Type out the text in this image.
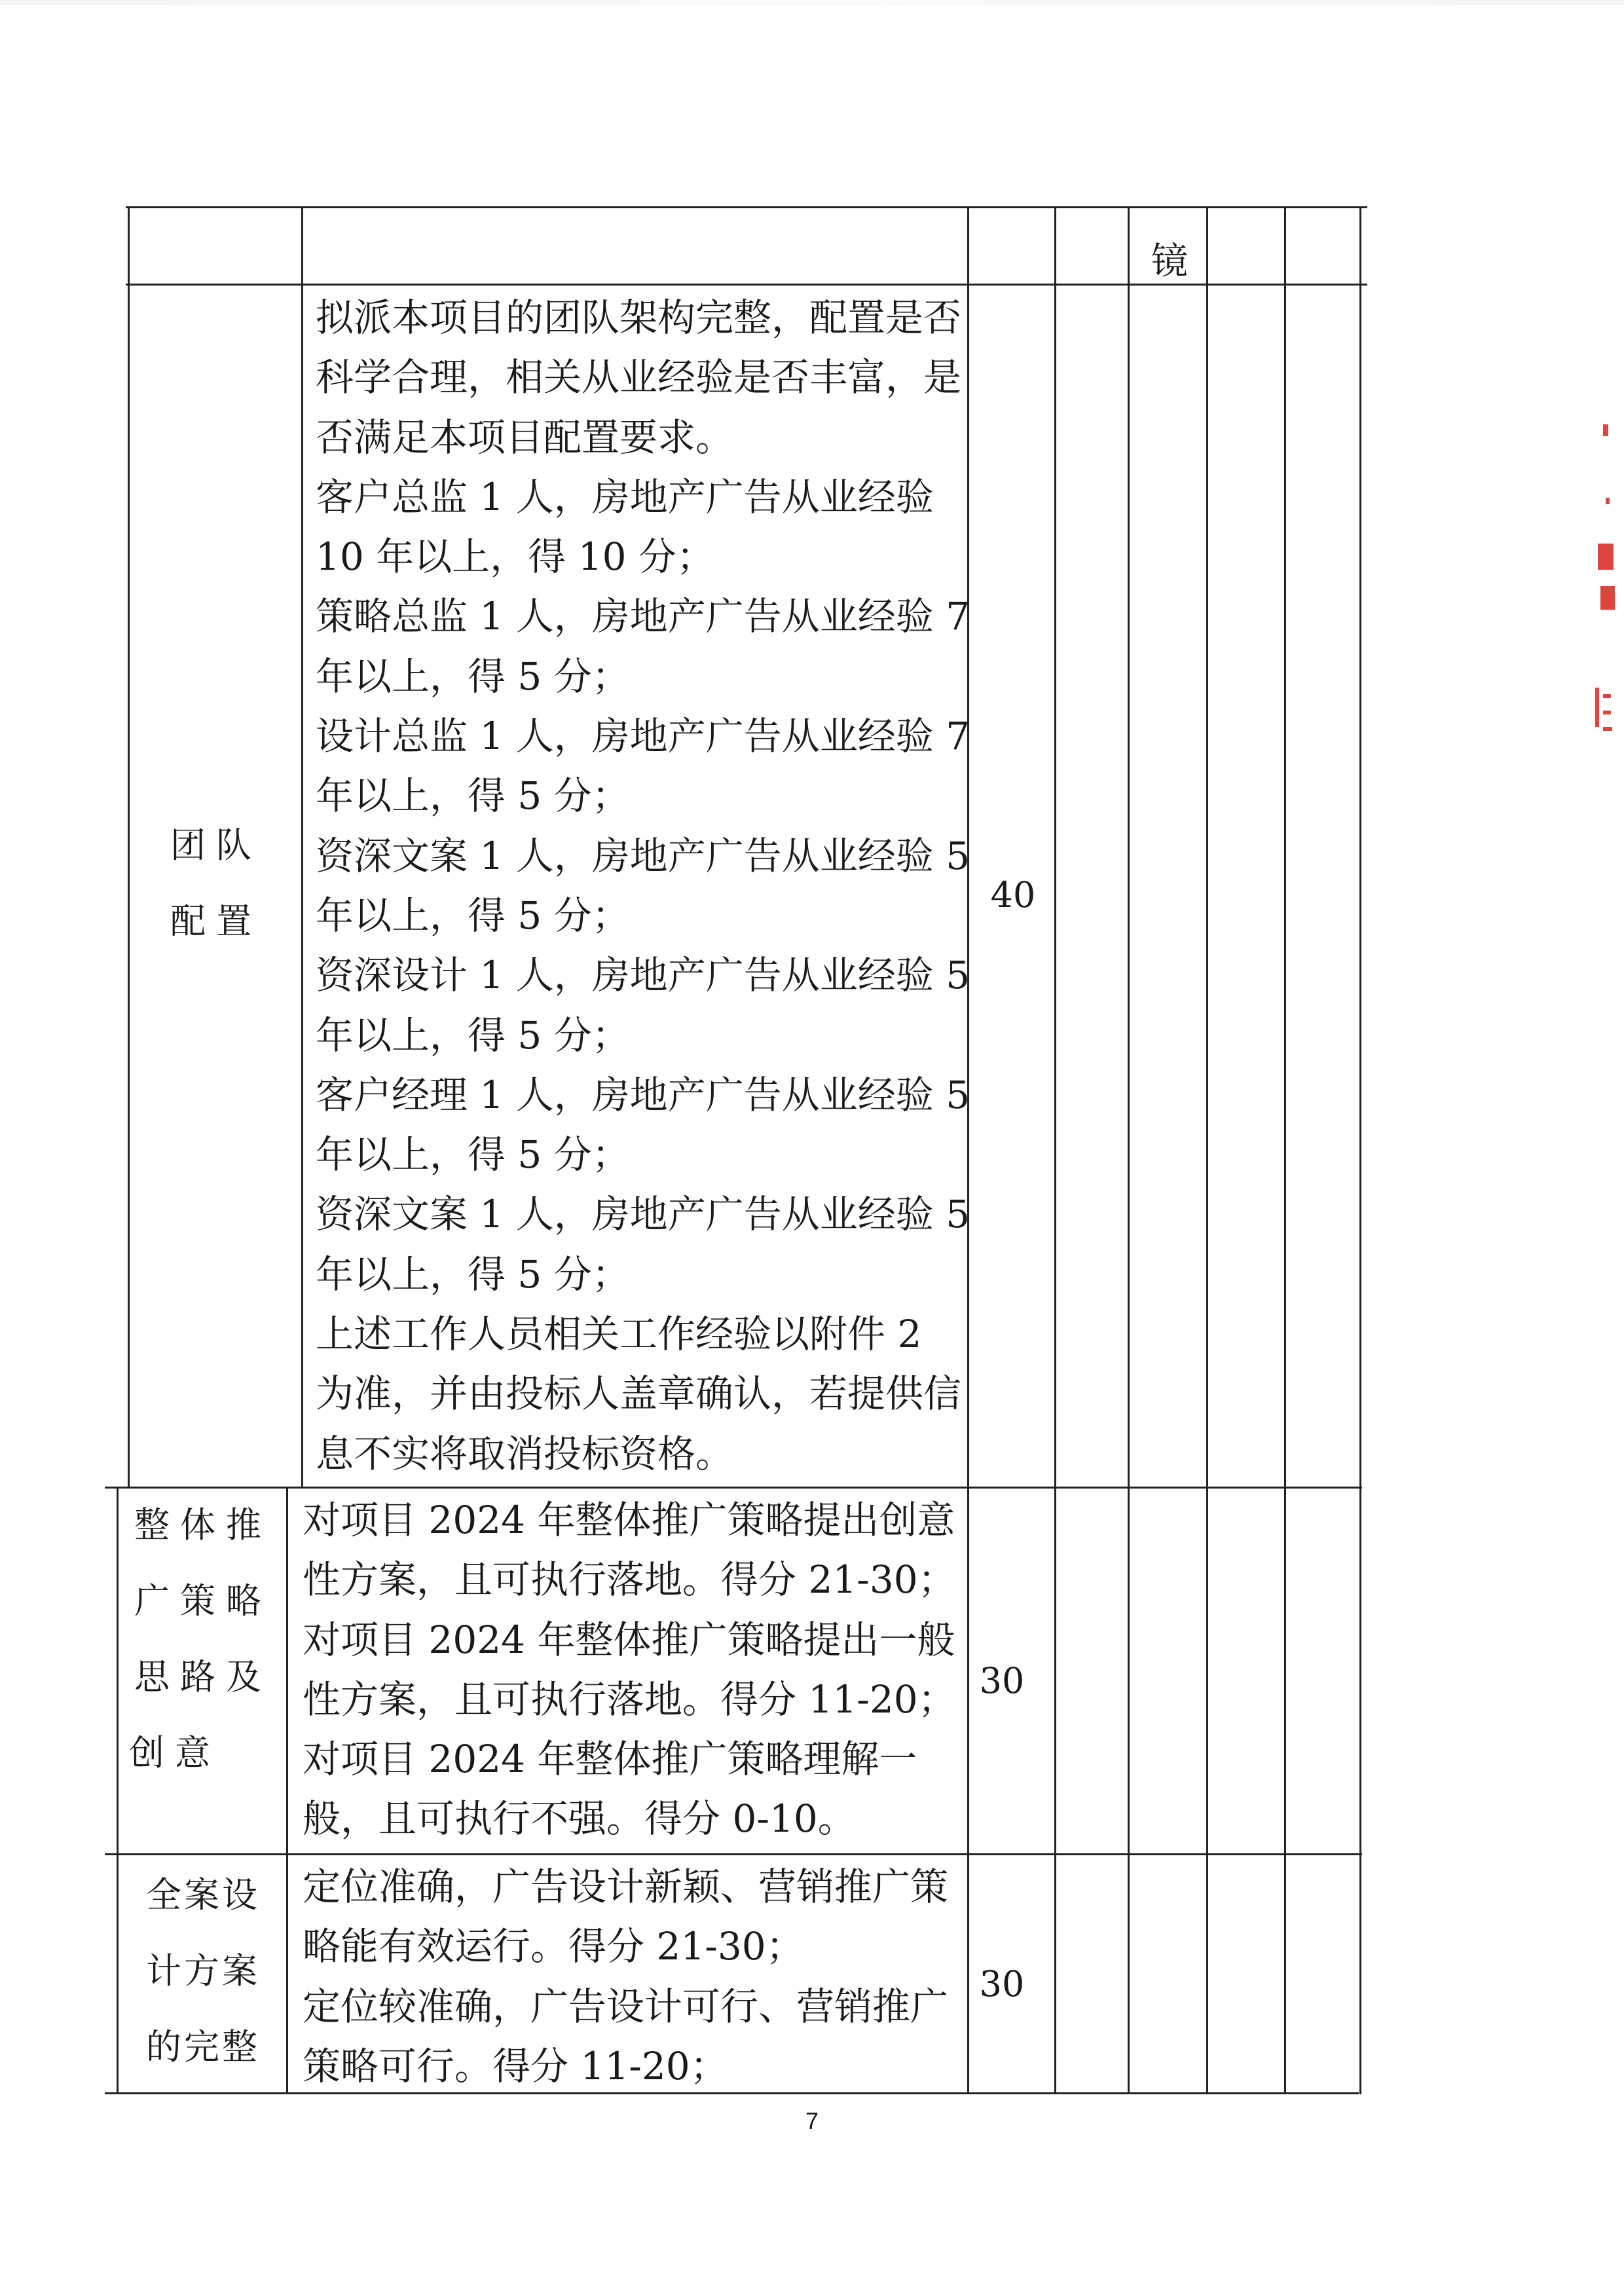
镜
团队
配置
40
拟派本项目的团队架构完整，配置是否
科学合理，相关从业经验是否丰富，是
否满足本项目配置要求。
客户总监 1 人，房地产广告从业经验
10 年以上，得 10 分；
策略总监 1 人，房地产广告从业经验 7
年以上，得 5 分；
设计总监 1 人，房地产广告从业经验 7
年以上，得 5 分；
资深文案 1 人，房地产广告从业经验 5
年以上，得 5 分；
资深设计 1 人，房地产广告从业经验 5
年以上，得 5 分；
客户经理 1 人，房地产广告从业经验 5
年以上，得 5 分；
资深文案 1 人，房地产广告从业经验 5
年以上，得 5 分；
上述工作人员相关工作经验以附件 2
为准，并由投标人盖章确认，若提供信
息不实将取消投标资格。
整体推
广策略
思路及
创意
30
对项目 2024 年整体推广策略提出创意
性方案，且可执行落地。得分 21-30；
对项目 2024 年整体推广策略提出一般
性方案，且可执行落地。得分 11-20；
对项目 2024 年整体推广策略理解一
般，且可执行不强。得分 0-10。
全案设
计方案
的完整
30
定位准确，广告设计新颖、营销推广策
略能有效运行。得分 21-30；
定位较准确，广告设计可行、营销推广
策略可行。得分 11-20；
7
